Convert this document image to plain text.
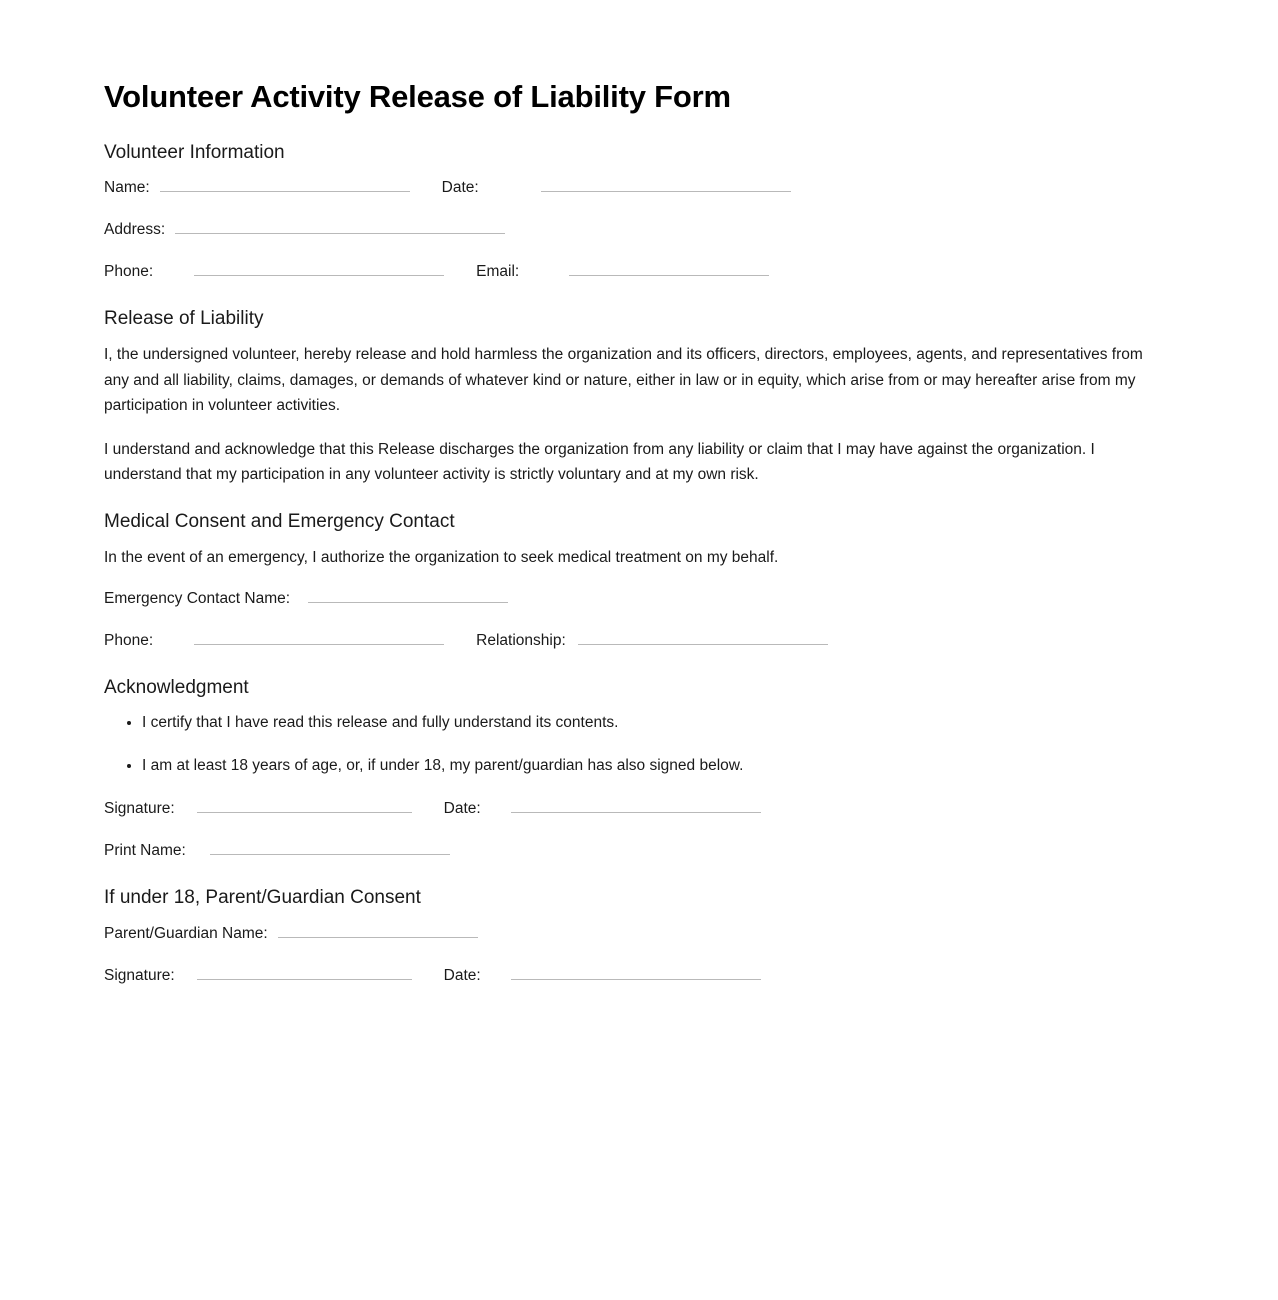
Volunteer Activity Release of Liability Form
Volunteer Information
Name:	Date:
Address:
Phone:	Email:
Release of Liability

I, the undersigned volunteer, hereby release and hold harmless the organization and its officers, directors, employees, agents, and representatives from any and all liability, claims, damages, or demands of whatever kind or nature, either in law or in equity, which arise from or may hereafter arise from my participation in volunteer activities.

I understand and acknowledge that this Release discharges the organization from any liability or claim that I may have against the organization. I understand that my participation in any volunteer activity is strictly voluntary and at my own risk.

Medical Consent and Emergency Contact

In the event of an emergency, I authorize the organization to seek medical treatment on my behalf.

Emergency Contact Name:
Phone:	Relationship:
Acknowledgment
• I certify that I have read this release and fully understand its contents.
• I am at least 18 years of age, or, if under 18, my parent/guardian has also signed below.
Signature:	Date:
Print Name:
If under 18, Parent/Guardian Consent
Parent/Guardian Name:
Signature:	Date:
